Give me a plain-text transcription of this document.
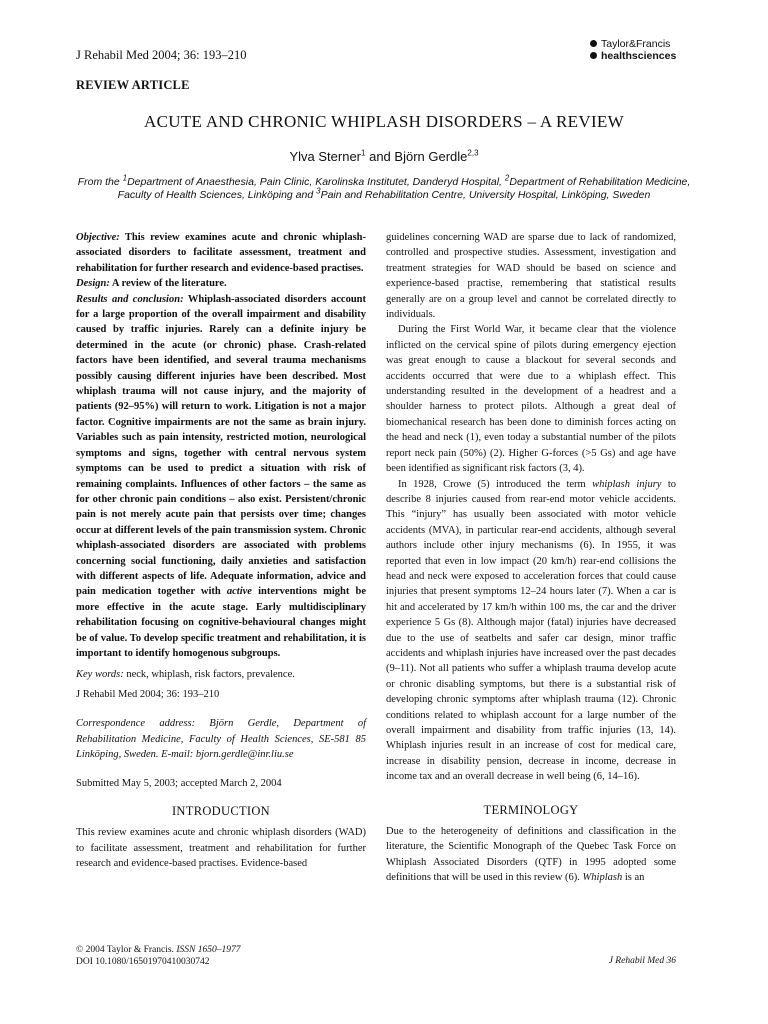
J Rehabil Med 2004; 36: 193–210
Taylor&Francis
healthsciences
REVIEW ARTICLE
ACUTE AND CHRONIC WHIPLASH DISORDERS – A REVIEW
Ylva Sterner$^1$ and Björn Gerdle$^{2,3}$
From the $^1$Department of Anaesthesia, Pain Clinic, Karolinska Institutet, Danderyd Hospital, $^2$Department of Rehabilitation Medicine, Faculty of Health Sciences, Linköping and $^3$Pain and Rehabilitation Centre, University Hospital, Linköping, Sweden

Objective: This review examines acute and chronic whiplash-associated disorders to facilitate assessment, treatment and rehabilitation for further research and evidence-based practises.

Design: A review of the literature.

Results and conclusion: Whiplash-associated disorders account for a large proportion of the overall impairment and disability caused by traffic injuries. Rarely can a definite injury be determined in the acute (or chronic) phase. Crash-related factors have been identified, and several trauma mechanisms possibly causing different injuries have been described. Most whiplash trauma will not cause injury, and the majority of patients (92–95%) will return to work. Litigation is not a major factor. Cognitive impairments are not the same as brain injury. Variables such as pain intensity, restricted motion, neurological symptoms and signs, together with central nervous system symptoms can be used to predict a situation with risk of remaining complaints. Influences of other factors – the same as for other chronic pain conditions – also exist. Persistent/chronic pain is not merely acute pain that persists over time; changes occur at different levels of the pain transmission system. Chronic whiplash-associated disorders are associated with problems concerning social functioning, daily anxieties and satisfaction with different aspects of life. Adequate information, advice and pain medication together with active interventions might be more effective in the acute stage. Early multidisciplinary rehabilitation focusing on cognitive-behavioural changes might be of value. To develop specific treatment and rehabilitation, it is important to identify homogenous subgroups.

Key words: neck, whiplash, risk factors, prevalence.

J Rehabil Med 2004; 36: 193–210

Correspondence address: Björn Gerdle, Department of Rehabilitation Medicine, Faculty of Health Sciences, SE-581 85 Linköping, Sweden. E-mail: bjorn.gerdle@inr.liu.se

Submitted May 5, 2003; accepted March 2, 2004

INTRODUCTION

This review examines acute and chronic whiplash disorders (WAD) to facilitate assessment, treatment and rehabilitation for further research and evidence-based practises. Evidence-based

guidelines concerning WAD are sparse due to lack of randomized, controlled and prospective studies. Assessment, investigation and treatment strategies for WAD should be based on science and experience-based practise, remembering that statistical results generally are on a group level and cannot be correlated directly to individuals.

During the First World War, it became clear that the violence inflicted on the cervical spine of pilots during emergency ejection was great enough to cause a blackout for several seconds and accidents occurred that were due to a whiplash effect. This understanding resulted in the development of a headrest and a shoulder harness to protect pilots. Although a great deal of biomechanical research has been done to diminish forces acting on the head and neck (1), even today a substantial number of the pilots report neck pain (50%) (2). Higher G-forces (>5 Gs) and age have been identified as significant risk factors (3, 4).

In 1928, Crowe (5) introduced the term whiplash injury to describe 8 injuries caused from rear-end motor vehicle accidents. This “injury” has usually been associated with motor vehicle accidents (MVA), in particular rear-end accidents, although several authors include other injury mechanisms (6). In 1955, it was reported that even in low impact (20 km/h) rear-end collisions the head and neck were exposed to acceleration forces that could cause injuries that present symptoms 12–24 hours later (7). When a car is hit and accelerated by 17 km/h within 100 ms, the car and the driver experience 5 Gs (8). Although major (fatal) injuries have decreased due to the use of seatbelts and safer car design, minor traffic accidents and whiplash injuries have increased over the past decades (9–11). Not all patients who suffer a whiplash trauma develop acute or chronic disabling symptoms, but there is a substantial risk of developing chronic symptoms after whiplash trauma (12). Chronic conditions related to whiplash account for a large number of the overall impairment and disability from traffic injuries (13, 14). Whiplash injuries result in an increase of cost for medical care, increase in disability pension, decrease in income, decrease in income tax and an overall decrease in well being (6, 14–16).

TERMINOLOGY

Due to the heterogeneity of definitions and classification in the literature, the Scientific Monograph of the Quebec Task Force on Whiplash Associated Disorders (QTF) in 1995 adopted some definitions that will be used in this review (6). Whiplash is an

© 2004 Taylor & Francis. ISSN 1650–1977
DOI 10.1080/16501970410030742	J Rehabil Med 36
